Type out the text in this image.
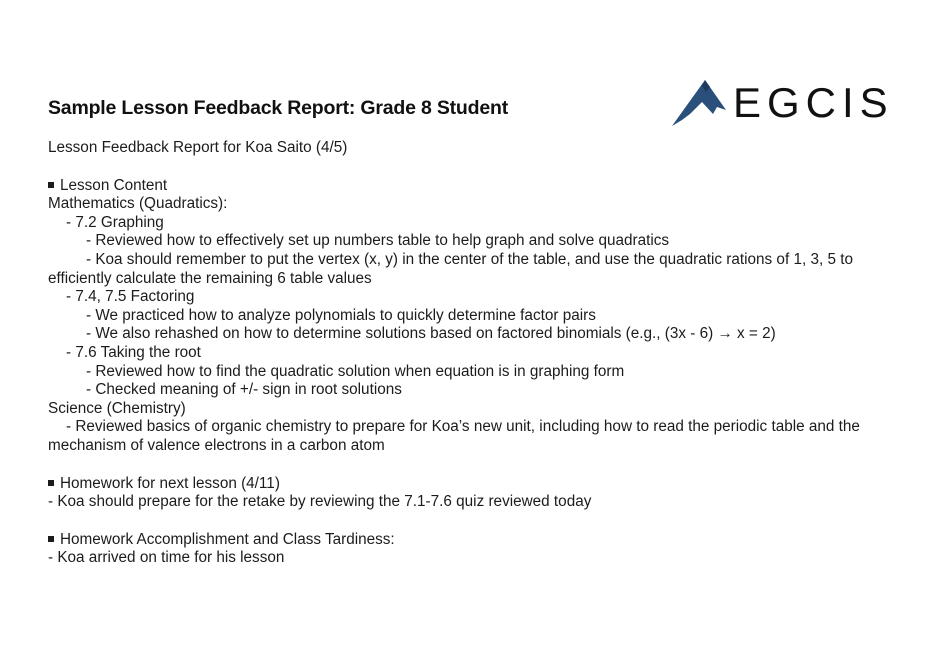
Sample Lesson Feedback Report: Grade 8 Student	EGCIS
Lesson Feedback Report for Koa Saito (4/5)
Lesson Content
Mathematics (Quadratics):
- 7.2 Graphing
- Reviewed how to effectively set up numbers table to help graph and solve quadratics
- Koa should remember to put the vertex (x, y) in the center of the table, and use the quadratic rations of 1, 3, 5 to
efficiently calculate the remaining 6 table values
- 7.4, 7.5 Factoring
- We practiced how to analyze polynomials to quickly determine factor pairs
- We also rehashed on how to determine solutions based on factored binomials (e.g., (3x - 6) → x = 2)
- 7.6 Taking the root
- Reviewed how to find the quadratic solution when equation is in graphing form
- Checked meaning of +/- sign in root solutions
Science (Chemistry)
- Reviewed basics of organic chemistry to prepare for Koa’s new unit, including how to read the periodic table and the
mechanism of valence electrons in a carbon atom
Homework for next lesson (4/11)
- Koa should prepare for the retake by reviewing the 7.1-7.6 quiz reviewed today
Homework Accomplishment and Class Tardiness:
- Koa arrived on time for his lesson
